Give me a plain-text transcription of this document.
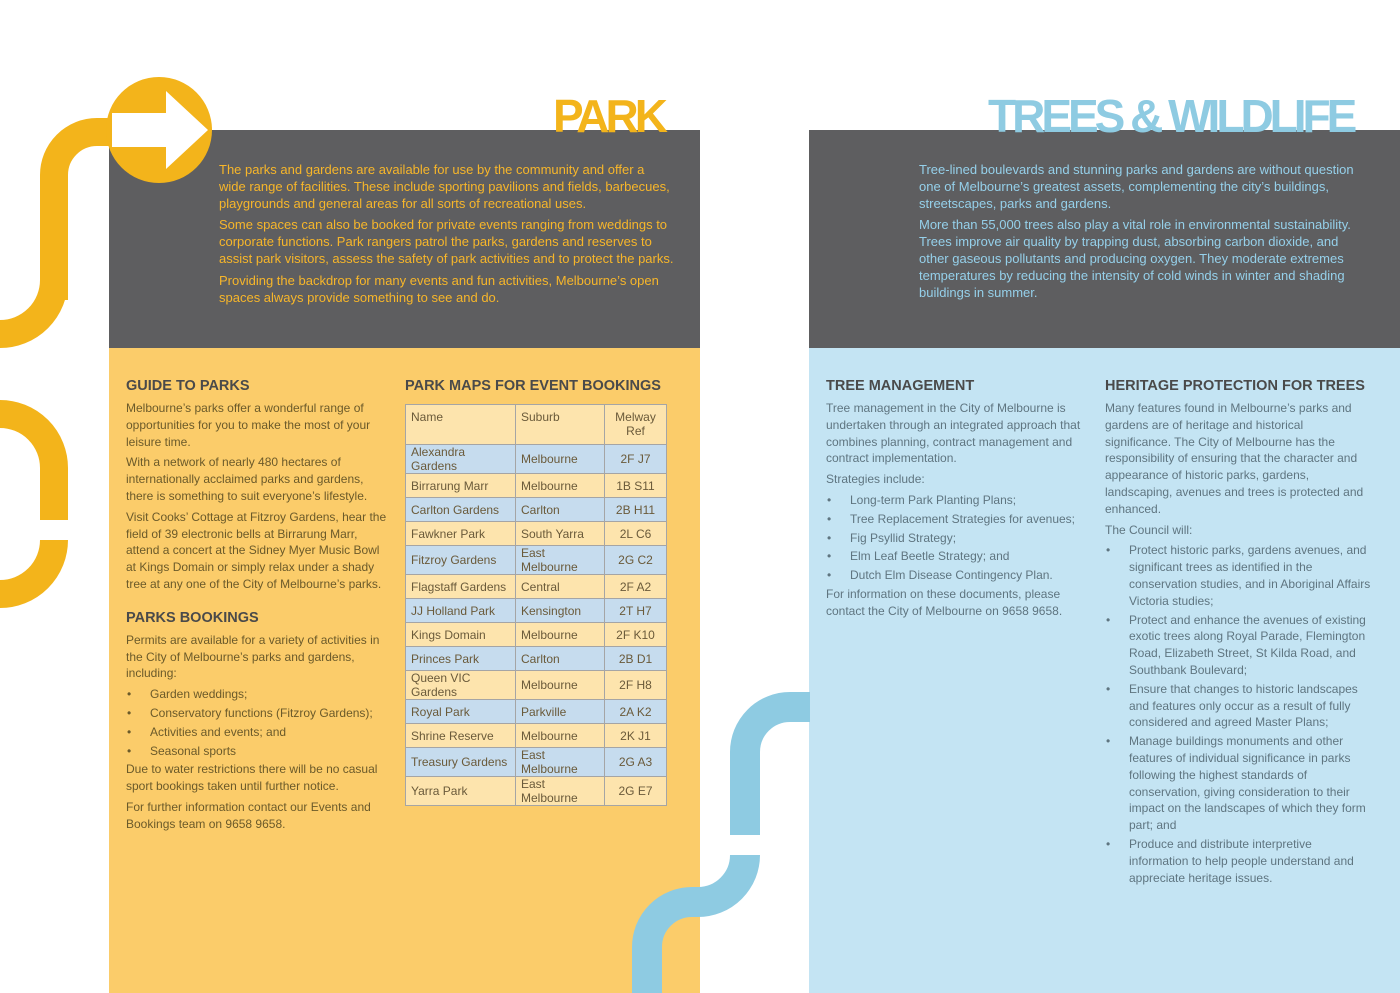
PARK	TREES & WILDLIFE

The parks and gardens are available for use by the community and offer a wide range of facilities. These include sporting pavilions and fields, barbecues, playgrounds and general areas for all sorts of recreational uses.

Some spaces can also be booked for private events ranging from weddings to corporate functions. Park rangers patrol the parks, gardens and reserves to assist park visitors, assess the safety of park activities and to protect the parks.

Providing the backdrop for many events and fun activities, Melbourne’s open spaces always provide something to see and do.

Tree-lined boulevards and stunning parks and gardens are without question one of Melbourne’s greatest assets, complementing the city’s buildings, streetscapes, parks and gardens.

More than 55,000 trees also play a vital role in environmental sustainability. Trees improve air quality by trapping dust, absorbing carbon dioxide, and other gaseous pollutants and producing oxygen. They moderate extremes temperatures by reducing the intensity of cold winds in winter and shading buildings in summer.

GUIDE TO PARKS

Melbourne’s parks offer a wonderful range of opportunities for you to make the most of your leisure time.

With a network of nearly 480 hectares of internationally acclaimed parks and gardens, there is something to suit everyone’s lifestyle.

Visit Cooks’ Cottage at Fitzroy Gardens, hear the field of 39 electronic bells at Birrarung Marr, attend a concert at the Sidney Myer Music Bowl at Kings Domain or simply relax under a shady tree at any one of the City of Melbourne’s parks.

PARKS BOOKINGS

Permits are available for a variety of activities in the City of Melbourne’s parks and gardens, including:

• Garden weddings;
• Conservatory functions (Fitzroy Gardens);
• Activities and events; and
• Seasonal sports

Due to water restrictions there will be no casual sport bookings taken until further notice.

For further information contact our Events and Bookings team on 9658 9658.

PARK MAPS FOR EVENT BOOKINGS
Name	Suburb	Melway Ref
Alexandra Gardens	Melbourne	2F J7
Birrarung Marr	Melbourne	1B S11
Carlton Gardens	Carlton	2B H11
Fawkner Park	South Yarra	2L C6
Fitzroy Gardens	East Melbourne	2G C2
Flagstaff Gardens	Central	2F A2
JJ Holland Park	Kensington	2T H7
Kings Domain	Melbourne	2F K10
Princes Park	Carlton	2B D1
Queen VIC Gardens	Melbourne	2F H8
Royal Park	Parkville	2A K2
Shrine Reserve	Melbourne	2K J1
Treasury Gardens	East Melbourne	2G A3
Yarra Park	East Melbourne	2G E7
TREE MANAGEMENT

Tree management in the City of Melbourne is undertaken through an integrated approach that combines planning, contract management and contract implementation.

Strategies include:

• Long-term Park Planting Plans;
• Tree Replacement Strategies for avenues;
• Fig Psyllid Strategy;
• Elm Leaf Beetle Strategy; and
• Dutch Elm Disease Contingency Plan.

For information on these documents, please contact the City of Melbourne on 9658 9658.

HERITAGE PROTECTION FOR TREES

Many features found in Melbourne’s parks and gardens are of heritage and historical significance. The City of Melbourne has the responsibility of ensuring that the character and appearance of historic parks, gardens, landscaping, avenues and trees is protected and enhanced.

The Council will:

• Protect historic parks, gardens avenues, and significant trees as identified in the conservation studies, and in Aboriginal Affairs Victoria studies;
• Protect and enhance the avenues of existing exotic trees along Royal Parade, Flemington Road, Elizabeth Street, St Kilda Road, and Southbank Boulevard;
• Ensure that changes to historic landscapes and features only occur as a result of fully considered and agreed Master Plans;
• Manage buildings monuments and other features of individual significance in parks following the highest standards of conservation, giving consideration to their impact on the landscapes of which they form part; and
• Produce and distribute interpretive information to help people understand and appreciate heritage issues.
